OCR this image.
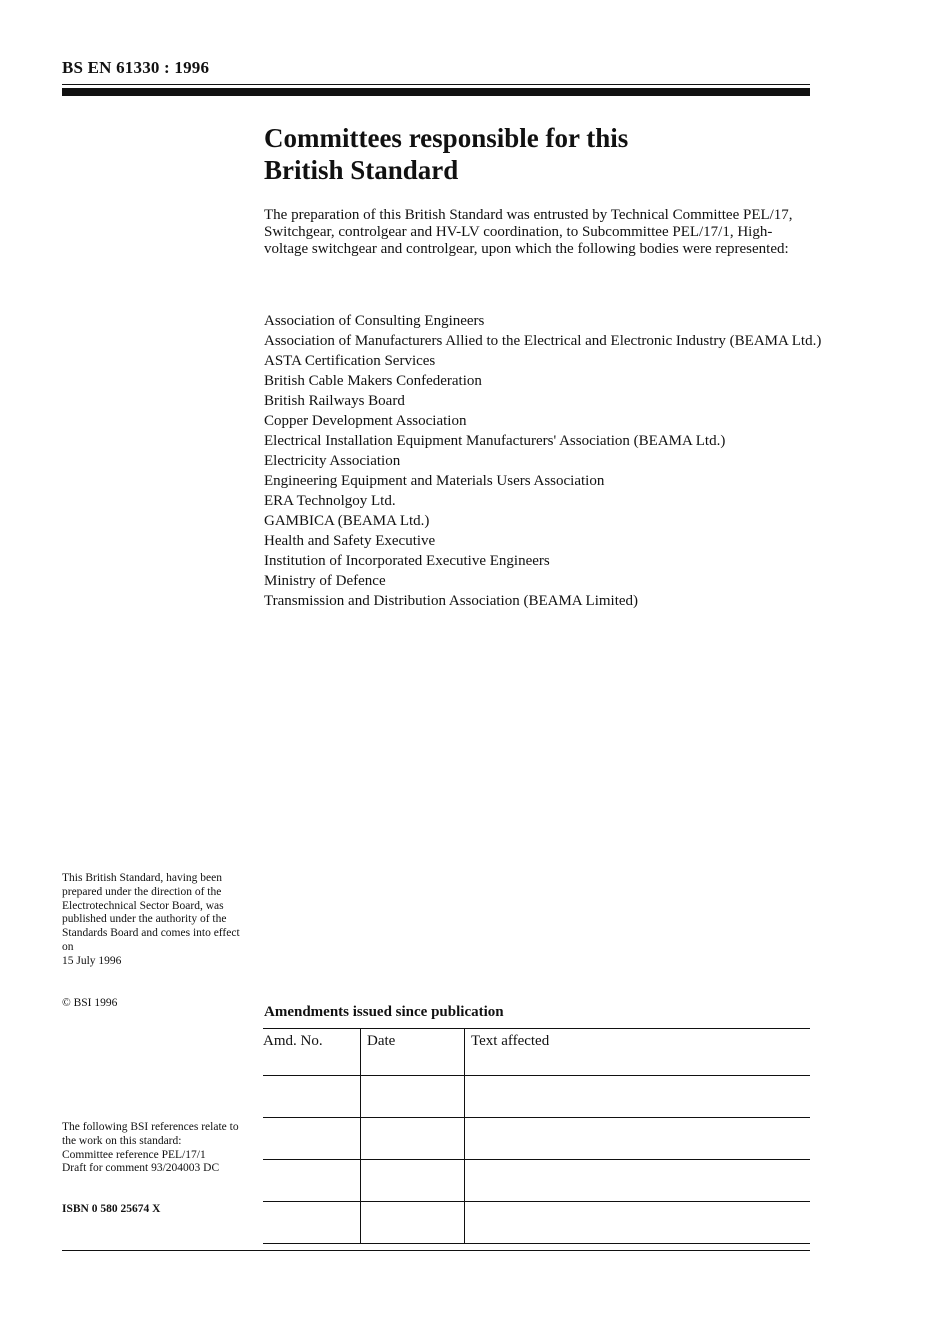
BS EN 61330 : 1996
Committees responsible for this
British Standard

The preparation of this British Standard was entrusted by Technical Committee PEL/17, Switchgear, controlgear and HV-LV coordination, to Subcommittee PEL/17/1, High-voltage switchgear and controlgear, upon which the following bodies were represented:

Association of Consulting Engineers
Association of Manufacturers Allied to the Electrical and Electronic Industry (BEAMA Ltd.)
ASTA Certification Services
British Cable Makers Confederation
British Railways Board
Copper Development Association
Electrical Installation Equipment Manufacturers' Association (BEAMA Ltd.)
Electricity Association
Engineering Equipment and Materials Users Association
ERA Technolgoy Ltd.
GAMBICA (BEAMA Ltd.)
Health and Safety Executive
Institution of Incorporated Executive Engineers
Ministry of Defence
Transmission and Distribution Association (BEAMA Limited)
This British Standard, having been prepared under the direction of the Electrotechnical Sector Board, was published under the authority of the Standards Board and comes into effect on
15 July 1996
© BSI 1996
The following BSI references relate to the work on this standard:
Committee reference PEL/17/1
Draft for comment 93/204003 DC
ISBN 0 580 25674 X
Amendments issued since publication
Amd. No.	Date	Text affected
